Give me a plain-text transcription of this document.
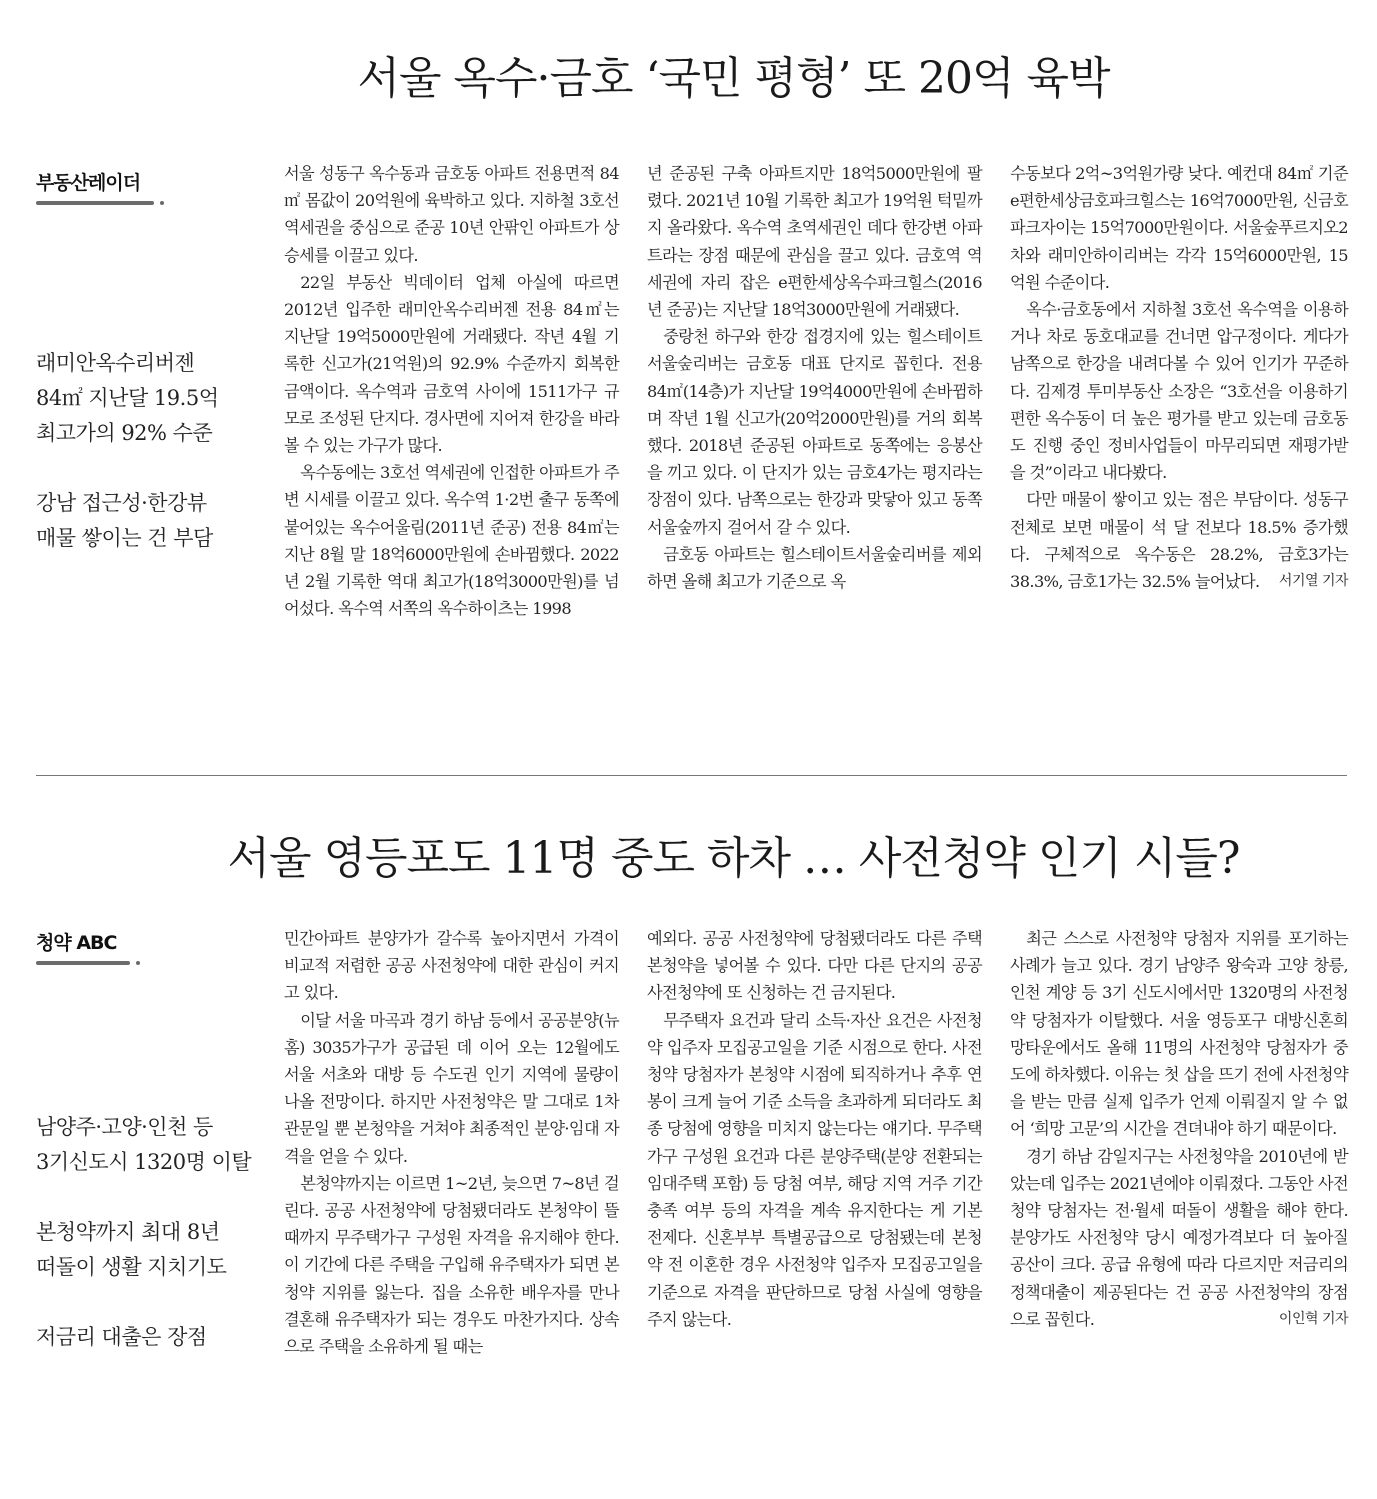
서울 옥수·금호 ‘국민 평형’ 또 20억 육박
부동산레이더

래미안옥수리버젠

84㎡ 지난달 19.5억

최고가의 92% 수준

강남 접근성·한강뷰

매물 쌓이는 건 부담

서울 성동구 옥수동과 금호동 아파트 전용면적 84㎡ 몸값이 20억원에 육박하고 있다. 지하철 3호선 역세권을 중심으로 준공 10년 안팎인 아파트가 상승세를 이끌고 있다.

22일 부동산 빅데이터 업체 아실에 따르면 2012년 입주한 래미안옥수리버젠 전용 84㎡는 지난달 19억5000만원에 거래됐다. 작년 4월 기록한 신고가(21억원)의 92.9% 수준까지 회복한 금액이다. 옥수역과 금호역 사이에 1511가구 규모로 조성된 단지다. 경사면에 지어져 한강을 바라볼 수 있는 가구가 많다.

옥수동에는 3호선 역세권에 인접한 아파트가 주변 시세를 이끌고 있다. 옥수역 1·2번 출구 동쪽에 붙어있는 옥수어울림(2011년 준공) 전용 84㎡는 지난 8월 말 18억6000만원에 손바뀜했다. 2022년 2월 기록한 역대 최고가(18억3000만원)를 넘어섰다. 옥수역 서쪽의 옥수하이츠는 1998

년 준공된 구축 아파트지만 18억5000만원에 팔렸다. 2021년 10월 기록한 최고가 19억원 턱밑까지 올라왔다. 옥수역 초역세권인 데다 한강변 아파트라는 장점 때문에 관심을 끌고 있다. 금호역 역세권에 자리 잡은 e편한세상옥수파크힐스(2016년 준공)는 지난달 18억3000만원에 거래됐다.

중랑천 하구와 한강 접경지에 있는 힐스테이트서울숲리버는 금호동 대표 단지로 꼽힌다. 전용 84㎡(14층)가 지난달 19억4000만원에 손바뀜하며 작년 1월 신고가(20억2000만원)를 거의 회복했다. 2018년 준공된 아파트로 동쪽에는 응봉산을 끼고 있다. 이 단지가 있는 금호4가는 평지라는 장점이 있다. 남쪽으로는 한강과 맞닿아 있고 동쪽 서울숲까지 걸어서 갈 수 있다.

금호동 아파트는 힐스테이트서울숲리버를 제외하면 올해 최고가 기준으로 옥

수동보다 2억~3억원가량 낮다. 예컨대 84㎡ 기준 e편한세상금호파크힐스는 16억7000만원, 신금호파크자이는 15억7000만원이다. 서울숲푸르지오2차와 래미안하이리버는 각각 15억6000만원, 15억원 수준이다.

옥수·금호동에서 지하철 3호선 옥수역을 이용하거나 차로 동호대교를 건너면 압구정이다. 게다가 남쪽으로 한강을 내려다볼 수 있어 인기가 꾸준하다. 김제경 투미부동산 소장은 “3호선을 이용하기 편한 옥수동이 더 높은 평가를 받고 있는데 금호동도 진행 중인 정비사업들이 마무리되면 재평가받을 것”이라고 내다봤다.

다만 매물이 쌓이고 있는 점은 부담이다. 성동구 전체로 보면 매물이 석 달 전보다 18.5% 증가했다. 구체적으로 옥수동은 28.2%, 금호3가는 38.3%, 금호1가는 32.5% 늘어났다.	서기열 기자

서울 영등포도 11명 중도 하차 … 사전청약 인기 시들?
청약 ABC

남양주·고양·인천 등

3기신도시 1320명 이탈

본청약까지 최대 8년

떠돌이 생활 지치기도

저금리 대출은 장점

민간아파트 분양가가 갈수록 높아지면서 가격이 비교적 저렴한 공공 사전청약에 대한 관심이 커지고 있다.

이달 서울 마곡과 경기 하남 등에서 공공분양(뉴홈) 3035가구가 공급된 데 이어 오는 12월에도 서울 서초와 대방 등 수도권 인기 지역에 물량이 나올 전망이다. 하지만 사전청약은 말 그대로 1차 관문일 뿐 본청약을 거쳐야 최종적인 분양·임대 자격을 얻을 수 있다.

본청약까지는 이르면 1~2년, 늦으면 7~8년 걸린다. 공공 사전청약에 당첨됐더라도 본청약이 뜰 때까지 무주택가구 구성원 자격을 유지해야 한다. 이 기간에 다른 주택을 구입해 유주택자가 되면 본청약 지위를 잃는다. 집을 소유한 배우자를 만나 결혼해 유주택자가 되는 경우도 마찬가지다. 상속으로 주택을 소유하게 될 때는

예외다. 공공 사전청약에 당첨됐더라도 다른 주택 본청약을 넣어볼 수 있다. 다만 다른 단지의 공공 사전청약에 또 신청하는 건 금지된다.

무주택자 요건과 달리 소득·자산 요건은 사전청약 입주자 모집공고일을 기준 시점으로 한다. 사전청약 당첨자가 본청약 시점에 퇴직하거나 추후 연봉이 크게 늘어 기준 소득을 초과하게 되더라도 최종 당첨에 영향을 미치지 않는다는 얘기다. 무주택가구 구성원 요건과 다른 분양주택(분양 전환되는 임대주택 포함) 등 당첨 여부, 해당 지역 거주 기간 충족 여부 등의 자격을 계속 유지한다는 게 기본 전제다. 신혼부부 특별공급으로 당첨됐는데 본청약 전 이혼한 경우 사전청약 입주자 모집공고일을 기준으로 자격을 판단하므로 당첨 사실에 영향을 주지 않는다.

최근 스스로 사전청약 당첨자 지위를 포기하는 사례가 늘고 있다. 경기 남양주 왕숙과 고양 창릉, 인천 계양 등 3기 신도시에서만 1320명의 사전청약 당첨자가 이탈했다. 서울 영등포구 대방신혼희망타운에서도 올해 11명의 사전청약 당첨자가 중도에 하차했다. 이유는 첫 삽을 뜨기 전에 사전청약을 받는 만큼 실제 입주가 언제 이뤄질지 알 수 없어 ‘희망 고문’의 시간을 견뎌내야 하기 때문이다.

경기 하남 감일지구는 사전청약을 2010년에 받았는데 입주는 2021년에야 이뤄졌다. 그동안 사전청약 당첨자는 전·월세 떠돌이 생활을 해야 한다. 분양가도 사전청약 당시 예정가격보다 더 높아질 공산이 크다. 공급 유형에 따라 다르지만 저금리의 정책대출이 제공된다는 건 공공 사전청약의 장점으로 꼽힌다.	이인혁 기자
